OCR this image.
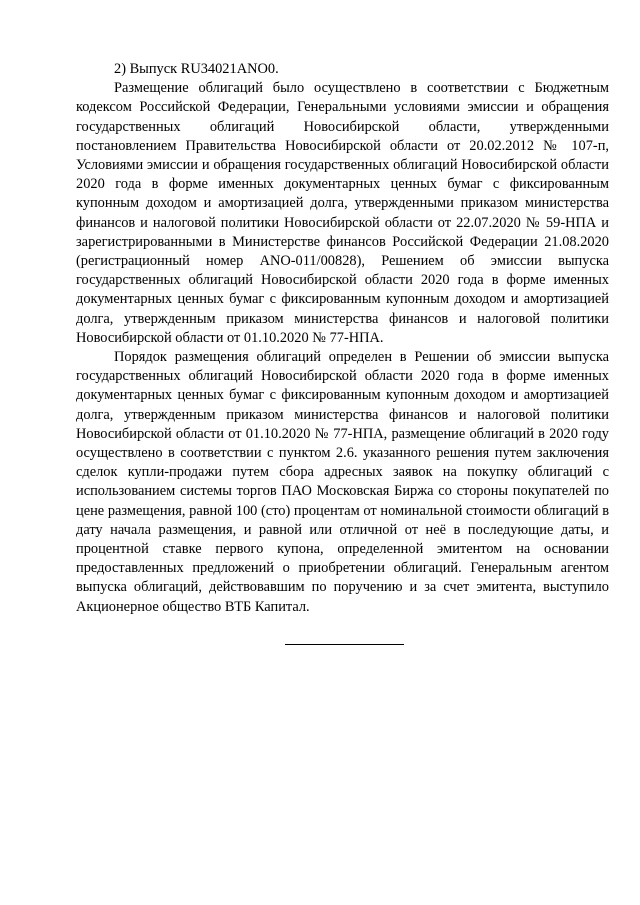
2) Выпуск RU34021ANO0.

Размещение облигаций было осуществлено в соответствии с Бюджетным кодексом Российской Федерации, Генеральными условиями эмиссии и обращения государственных облигаций Новосибирской области, утвержденными постановлением Правительства Новосибирской области от 20.02.2012 № 107-п, Условиями эмиссии и обращения государственных облигаций Новосибирской области 2020 года в форме именных документарных ценных бумаг с фиксированным купонным доходом и амортизацией долга, утвержденными приказом министерства финансов и налоговой политики Новосибирской области от 22.07.2020 № 59-НПА и зарегистрированными в Министерстве финансов Российской Федерации 21.08.2020 (регистрационный номер ANO-011/00828), Решением об эмиссии выпуска государственных облигаций Новосибирской области 2020 года в форме именных документарных ценных бумаг с фиксированным купонным доходом и амортизацией долга, утвержденным приказом министерства финансов и налоговой политики Новосибирской области от 01.10.2020 № 77-НПА.

Порядок размещения облигаций определен в Решении об эмиссии выпуска государственных облигаций Новосибирской области 2020 года в форме именных документарных ценных бумаг с фиксированным купонным доходом и амортизацией долга, утвержденным приказом министерства финансов и налоговой политики Новосибирской области от 01.10.2020 № 77-НПА, размещение облигаций в 2020 году осуществлено в соответствии с пунктом 2.6. указанного решения путем заключения сделок купли-продажи путем сбора адресных заявок на покупку облигаций с использованием системы торгов ПАО Московская Биржа со стороны покупателей по цене размещения, равной 100 (сто) процентам от номинальной стоимости облигаций в дату начала размещения, и равной или отличной от неё в последующие даты, и процентной ставке первого купона, определенной эмитентом на основании предоставленных предложений о приобретении облигаций. Генеральным агентом выпуска облигаций, действовавшим по поручению и за счет эмитента, выступило Акционерное общество ВТБ Капитал.
